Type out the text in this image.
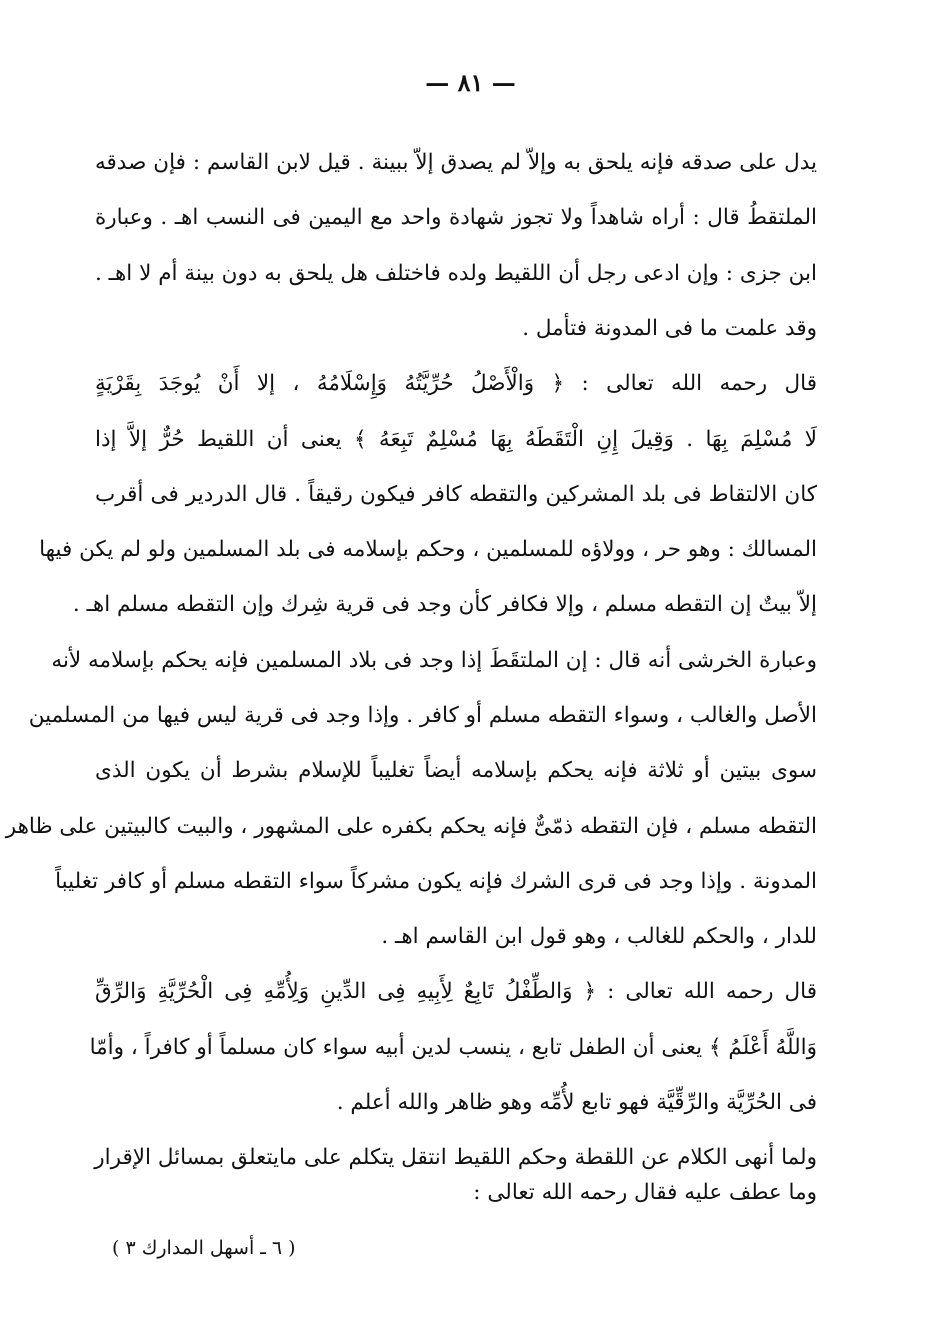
— ٨١ —
يدل على صدقه فإنه يلحق به وإلاّ لم يصدق إلاّ ببينة . قيل لابن القاسم : فإن صدقه
الملتقطُ قال : أراه شاهداً ولا تجوز شهادة واحد مع اليمين فى النسب اهـ . وعبارة
ابن جزى : وإن ادعى رجل أن اللقيط ولده فاختلف هل يلحق به دون بينة أم لا اهـ .
وقد علمت ما فى المدونة فتأمل .
قال رحمه الله تعالى : ﴿ وَالْأَصْلُ حُرِّيَّتُهُ وَإِسْلَامُهُ ، إلا أَنْ يُوجَدَ بِقَرْيَةٍ
لَا مُسْلِمَ بِهَا . وَقِيلَ إِنِ الْتَقَطَهُ بِهَا مُسْلِمٌ تَبِعَهُ ﴾ يعنى أن اللقيط حُرٌّ إلاَّ إذا
كان الالتقاط فى بلد المشركين والتقطه كافر فيكون رقيقاً . قال الدردير فى أقرب
المسالك : وهو حر ، وولاؤه للمسلمين ، وحكم بإسلامه فى بلد المسلمين ولو لم يكن فيها
إلاّ بيتٌ إن التقطه مسلم ، وإلا فكافر كأن وجد فى قرية شِرك وإن التقطه مسلم اهـ .
وعبارة الخرشى أنه قال : إن الملتقَطَ إذا وجد فى بلاد المسلمين فإنه يحكم بإسلامه لأنه
الأصل والغالب ، وسواء التقطه مسلم أو كافر . وإذا وجد فى قرية ليس فيها من المسلمين
سوى بيتين أو ثلاثة فإنه يحكم بإسلامه أيضاً تغليباً للإسلام بشرط أن يكون الذى
التقطه مسلم ، فإن التقطه ذمّىٌّ فإنه يحكم بكفره على المشهور ، والبيت كالبيتين على ظاهر
المدونة . وإذا وجد فى قرى الشرك فإنه يكون مشركاً سواء التقطه مسلم أو كافر تغليباً
للدار ، والحكم للغالب ، وهو قول ابن القاسم اهـ .
قال رحمه الله تعالى : ﴿ وَالطِّفْلُ تَابِعٌ لِأَبِيهِ فِى الدِّينِ وَلِأُمِّهِ فِى الْحُرِّيَّةِ وَالرِّقِّ
وَاللَّهُ أَعْلَمُ ﴾ يعنى أن الطفل تابع ، ينسب لدين أبيه سواء كان مسلماً أو كافراً ، وأمّا
فى الحُرِّيَّة والرِّقِّيَّة فهو تابع لأُمِّه وهو ظاهر والله أعلم .
ولما أنهى الكلام عن اللقطة وحكم اللقيط انتقل يتكلم على مايتعلق بمسائل الإقرار
وما عطف عليه فقال رحمه الله تعالى :
( ٦ ـ أسهل المدارك ٣ )
